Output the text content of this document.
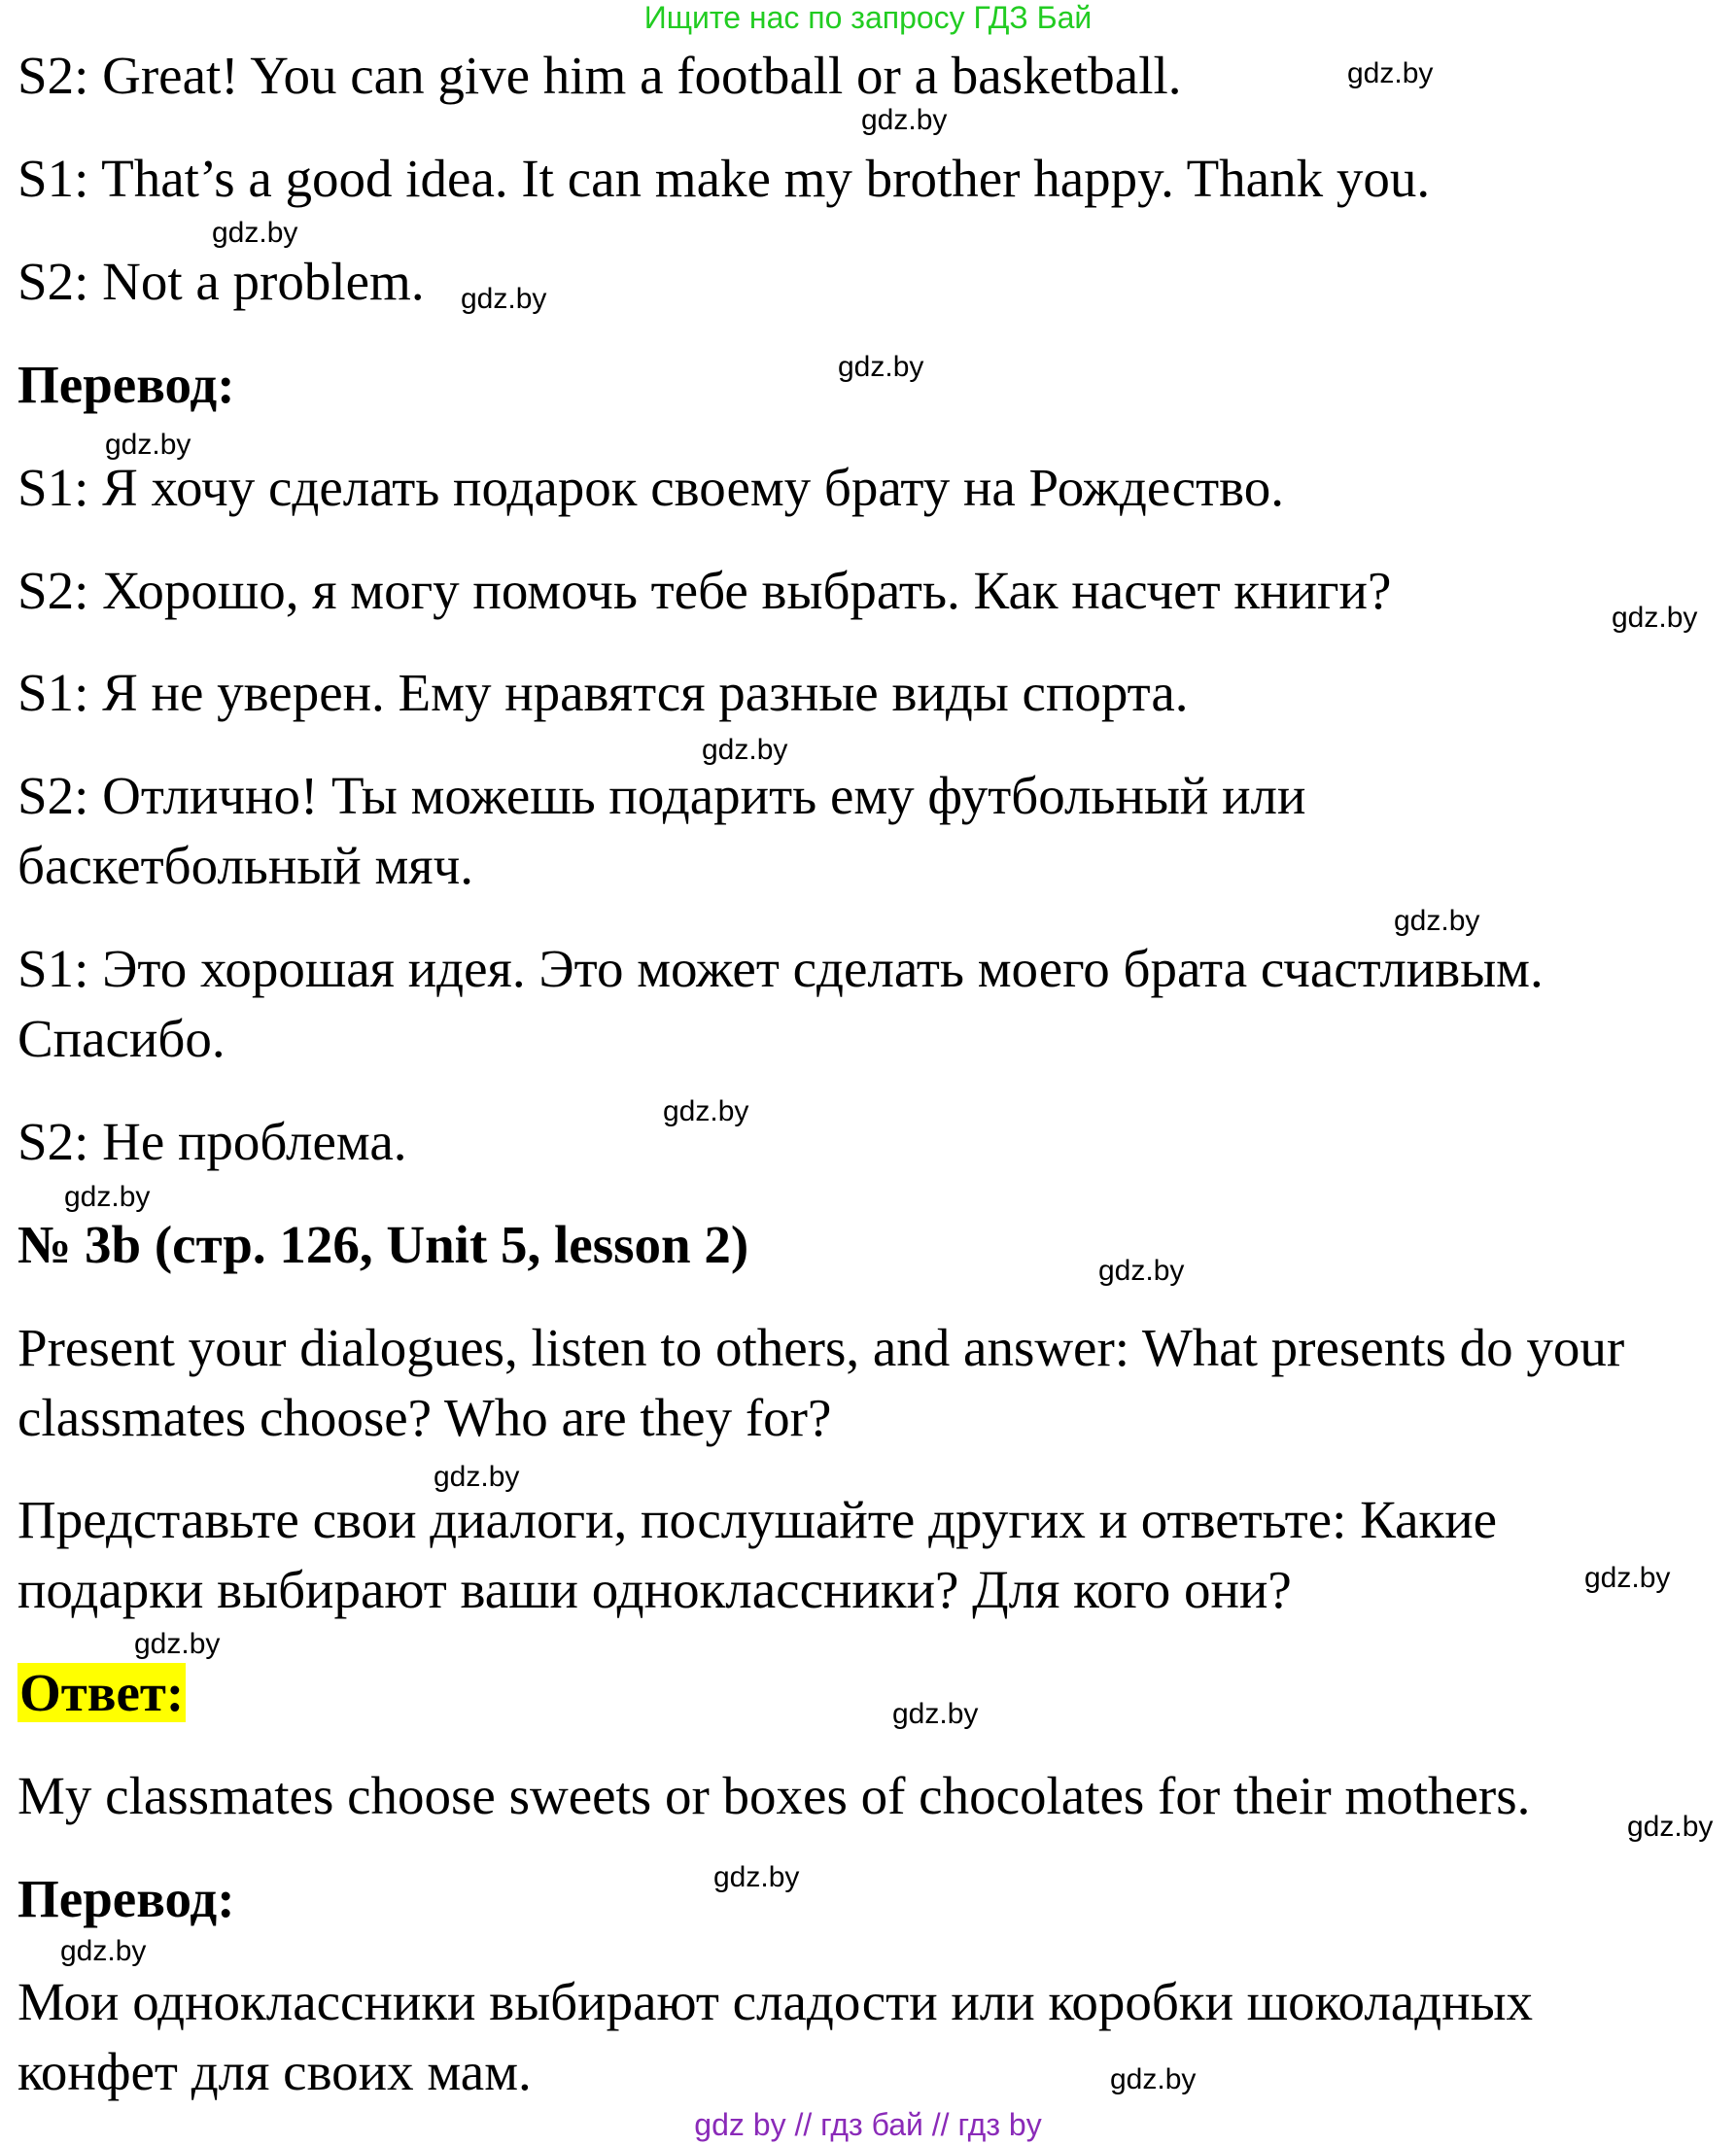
Ищите нас по запросу ГДЗ Бай
S2: Great! You can give him a football or a basketball.
S1: That’s a good idea. It can make my brother happy. Thank you.
S2: Not a problem.
Перевод:
S1: Я хочу сделать подарок своему брату на Рождество.
S2: Хорошо, я могу помочь тебе выбрать. Как насчет книги?
S1: Я не уверен. Ему нравятся разные виды спорта.
S2: Отлично! Ты можешь подарить ему футбольный или
баскетбольный мяч.
S1: Это хорошая идея. Это может сделать моего брата счастливым.
Спасибо.
S2: Не проблема.
№ 3b (стр. 126, Unit 5, lesson 2)
Present your dialogues, listen to others, and answer: What presents do your
classmates choose? Who are they for?
Представьте свои диалоги, послушайте других и ответьте: Какие
подарки выбирают ваши одноклассники? Для кого они?
Ответ:
My classmates choose sweets or boxes of chocolates for their mothers.
Перевод:
Мои одноклассники выбирают сладости или коробки шоколадных
конфет для своих мам.
gdz.by
gdz.by
gdz.by
gdz.by
gdz.by
gdz.by
gdz.by
gdz.by
gdz.by
gdz.by
gdz.by
gdz.by
gdz.by
gdz.by
gdz.by
gdz.by
gdz.by
gdz.by
gdz.by
gdz.by
gdz by // гдз бай // гдз by
